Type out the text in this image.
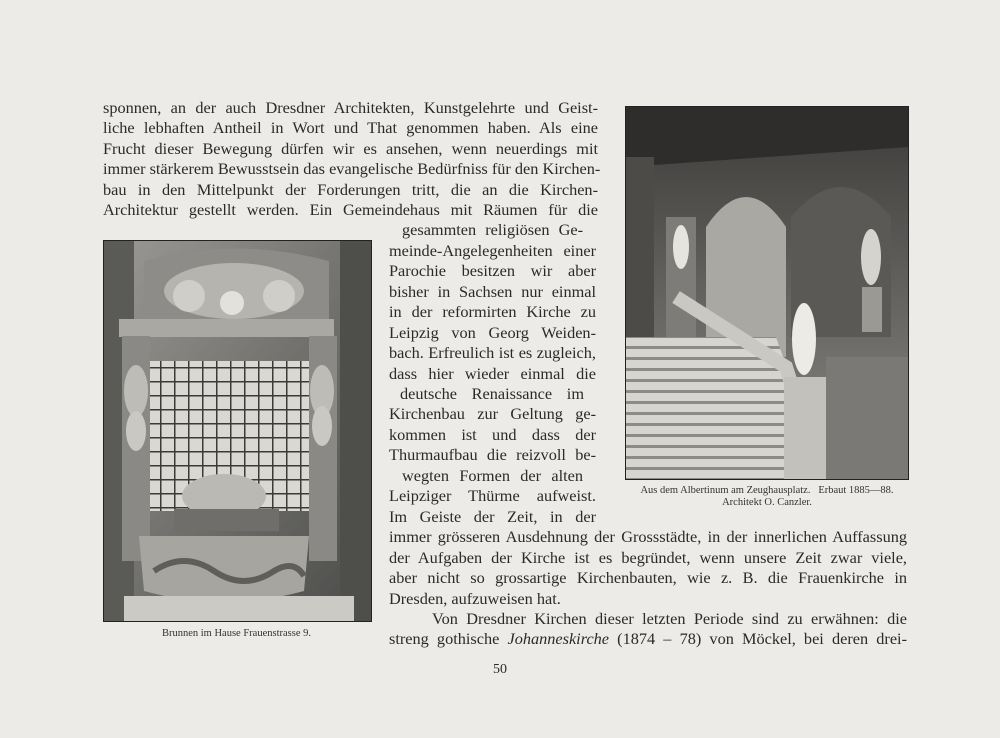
sponnen, an der auch Dresdner Architekten, Kunstgelehrte und Geist-
liche lebhaften Antheil in Wort und That genommen haben. Als eine
Frucht dieser Bewegung dürfen wir es ansehen, wenn neuerdings mit
immer stärkerem Bewusstsein das evangelische Bedürfniss für den Kirchen-
bau in den Mittelpunkt der Forderungen tritt, die an die Kirchen-
Architektur gestellt werden. Ein Gemeindehaus mit Räumen für die
gesammten religiösen Ge-
meinde-Angelegenheiten einer
Parochie besitzen wir aber
bisher in Sachsen nur einmal
in der reformirten Kirche zu
Leipzig von Georg Weiden-
bach. Erfreulich ist es zugleich,
dass hier wieder einmal die
deutsche Renaissance im
Kirchenbau zur Geltung ge-
kommen ist und dass der
Thurmaufbau die reizvoll be-
wegten Formen der alten
Leipziger Thürme aufweist.
Im Geiste der Zeit, in der
immer grösseren Ausdehnung der Grossstädte, in der innerlichen Auffassung
der Aufgaben der Kirche ist es begründet, wenn unsere Zeit zwar viele,
aber nicht so grossartige Kirchenbauten, wie z. B. die Frauenkirche in
Dresden, aufzuweisen hat.
Von Dresdner Kirchen dieser letzten Periode sind zu erwähnen: die
streng gothische Johanneskirche (1874 – 78) von Möckel, bei deren drei-
Brunnen im Hause Frauenstrasse 9.
Aus dem Albertinum am Zeughausplatz.   Erbaut 1885—88.
Architekt O. Canzler.
50
